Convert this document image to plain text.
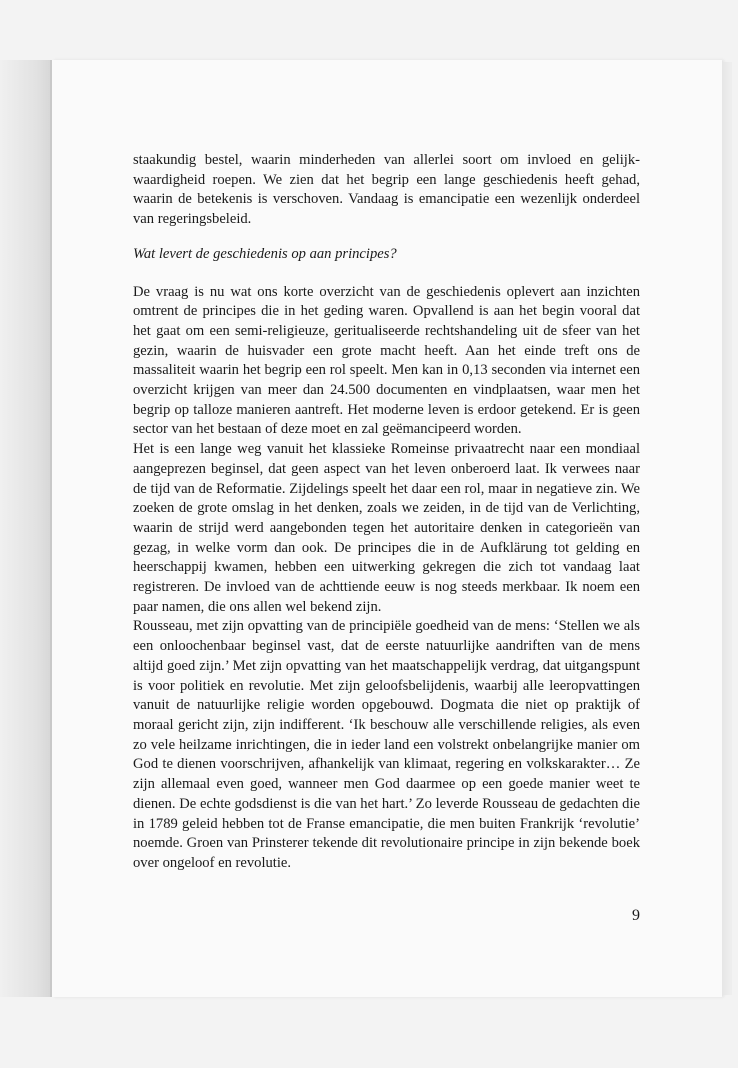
staakundig bestel, waarin minderheden van allerlei soort om invloed en gelijkwaardigheid roepen. We zien dat het begrip een lange geschiedenis heeft gehad, waarin de betekenis is verschoven. Vandaag is emancipatie een wezenlijk onderdeel van regeringsbeleid.

Wat levert de geschiedenis op aan principes?

De vraag is nu wat ons korte overzicht van de geschiedenis oplevert aan inzichten omtrent de principes die in het geding waren. Opvallend is aan het begin vooral dat het gaat om een semi-religieuze, geritualiseerde rechtshandeling uit de sfeer van het gezin, waarin de huisvader een grote macht heeft. Aan het einde treft ons de massaliteit waarin het begrip een rol speelt. Men kan in 0,13 seconden via internet een overzicht krijgen van meer dan 24.500 documenten en vindplaatsen, waar men het begrip op talloze manieren aantreft. Het moderne leven is erdoor getekend. Er is geen sector van het bestaan of deze moet en zal geëmancipeerd worden.

Het is een lange weg vanuit het klassieke Romeinse privaatrecht naar een mondiaal aangeprezen beginsel, dat geen aspect van het leven onberoerd laat. Ik verwees naar de tijd van de Reformatie. Zijdelings speelt het daar een rol, maar in negatieve zin. We zoeken de grote omslag in het denken, zoals we zeiden, in de tijd van de Verlichting, waarin de strijd werd aangebonden tegen het autoritaire denken in categorieën van gezag, in welke vorm dan ook. De principes die in de Aufklärung tot gelding en heerschappij kwamen, hebben een uitwerking gekregen die zich tot vandaag laat registreren. De invloed van de achttiende eeuw is nog steeds merkbaar. Ik noem een paar namen, die ons allen wel bekend zijn.

Rousseau, met zijn opvatting van de principiële goedheid van de mens: ‘Stellen we als een onloochenbaar beginsel vast, dat de eerste natuurlijke aandriften van de mens altijd goed zijn.’ Met zijn opvatting van het maatschappelijk verdrag, dat uitgangspunt is voor politiek en revolutie. Met zijn geloofsbelijdenis, waarbij alle leeropvattingen vanuit de natuurlijke religie worden opgebouwd. Dogmata die niet op praktijk of moraal gericht zijn, zijn indifferent. ‘Ik beschouw alle verschillende religies, als even zo vele heilzame inrichtingen, die in ieder land een volstrekt onbelangrijke manier om God te dienen voorschrijven, afhankelijk van klimaat, regering en volkskarakter… Ze zijn allemaal even goed, wanneer men God daarmee op een goede manier weet te dienen. De echte godsdienst is die van het hart.’ Zo leverde Rousseau de gedachten die in 1789 geleid hebben tot de Franse emancipatie, die men buiten Frankrijk ‘revolutie’ noemde. Groen van Prinsterer tekende dit revolutionaire principe in zijn bekende boek over ongeloof en revolutie.

9
